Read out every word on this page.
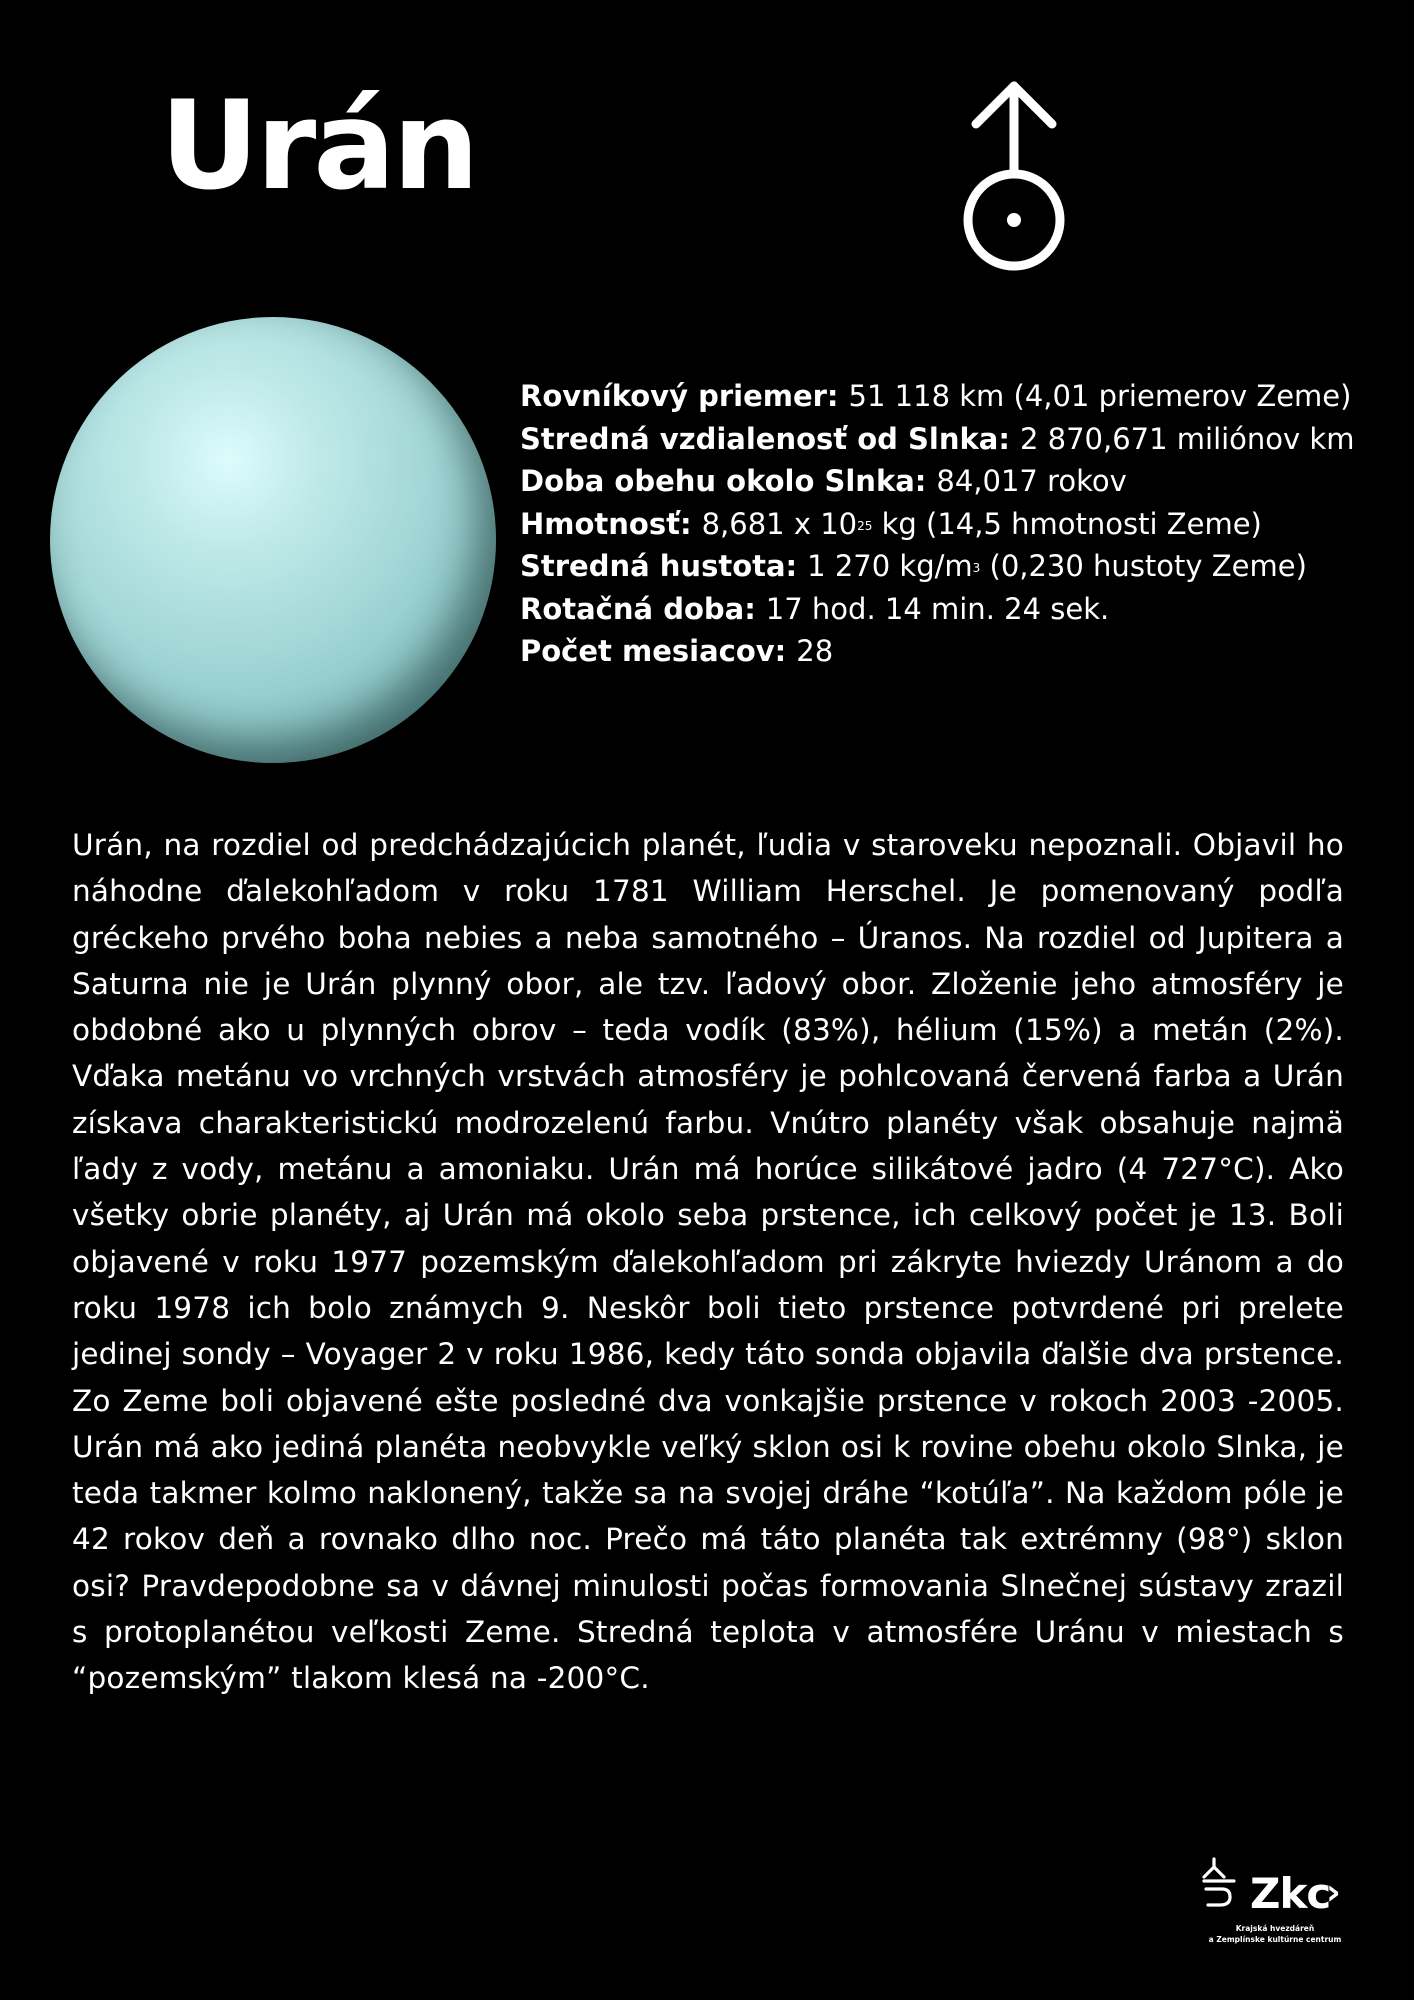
Urán
Rovníkový priemer: 51 118 km (4,01 priemerov Zeme)
Stredná vzdialenosť od Slnka: 2 870,671 miliónov km
Doba obehu okolo Slnka: 84,017 rokov
Hmotnosť: 8,681 x $10^{25}$ kg (14,5 hmotnosti Zeme)
Stredná hustota: 1 270 $kg/m^3$ (0,230 hustoty Zeme)
Rotačná doba: 17 hod. 14 min. 24 sek.
Počet mesiacov: 28

Urán, na rozdiel od predchádzajúcich planét, ľudia v staroveku nepoznali. Objavil ho náhodne ďalekohľadom v roku 1781 William Herschel. Je pomenovaný podľa gréckeho prvého boha nebies a neba samotného – Úranos. Na rozdiel od Jupitera a Saturna nie je Urán plynný obor, ale tzv. ľadový obor. Zloženie jeho atmosféry je obdobné ako u plynných obrov – teda vodík (83%), hélium (15%) a metán (2%). Vďaka metánu vo vrchných vrstvách atmosféry je pohlcovaná červená farba a Urán získava charakteristickú modrozelenú farbu. Vnútro planéty však obsahuje najmä ľady z vody, metánu a amoniaku. Urán má horúce silikátové jadro (4 727°C). Ako všetky obrie planéty, aj Urán má okolo seba prstence, ich celkový počet je 13. Boli objavené v roku 1977 pozemským ďalekohľadom pri zákryte hviezdy Uránom a do roku 1978 ich bolo známych 9. Neskôr boli tieto prstence potvrdené pri prelete jedinej sondy – Voyager 2 v roku 1986, kedy táto sonda objavila ďalšie dva prstence. Zo Zeme boli objavené ešte posledné dva vonkajšie prstence v rokoch 2003 -2005. Urán má ako jediná planéta neobvykle veľký sklon osi k rovine obehu okolo Slnka, je teda takmer kolmo naklonený, takže sa na svojej dráhe “kotúľa”. Na každom póle je 42 rokov deň a rovnako dlho noc. Prečo má táto planéta tak extrémny (98°) sklon osi? Pravdepodobne sa v dávnej minulosti počas formovania Slnečnej sústavy zrazil s protoplanétou veľkosti Zeme. Stredná teplota v atmosfére Uránu v miestach s “pozemským” tlakom klesá na -200°C.

Zkc
›
Krajská hvezdáreň
a Zemplínske kultúrne centrum
